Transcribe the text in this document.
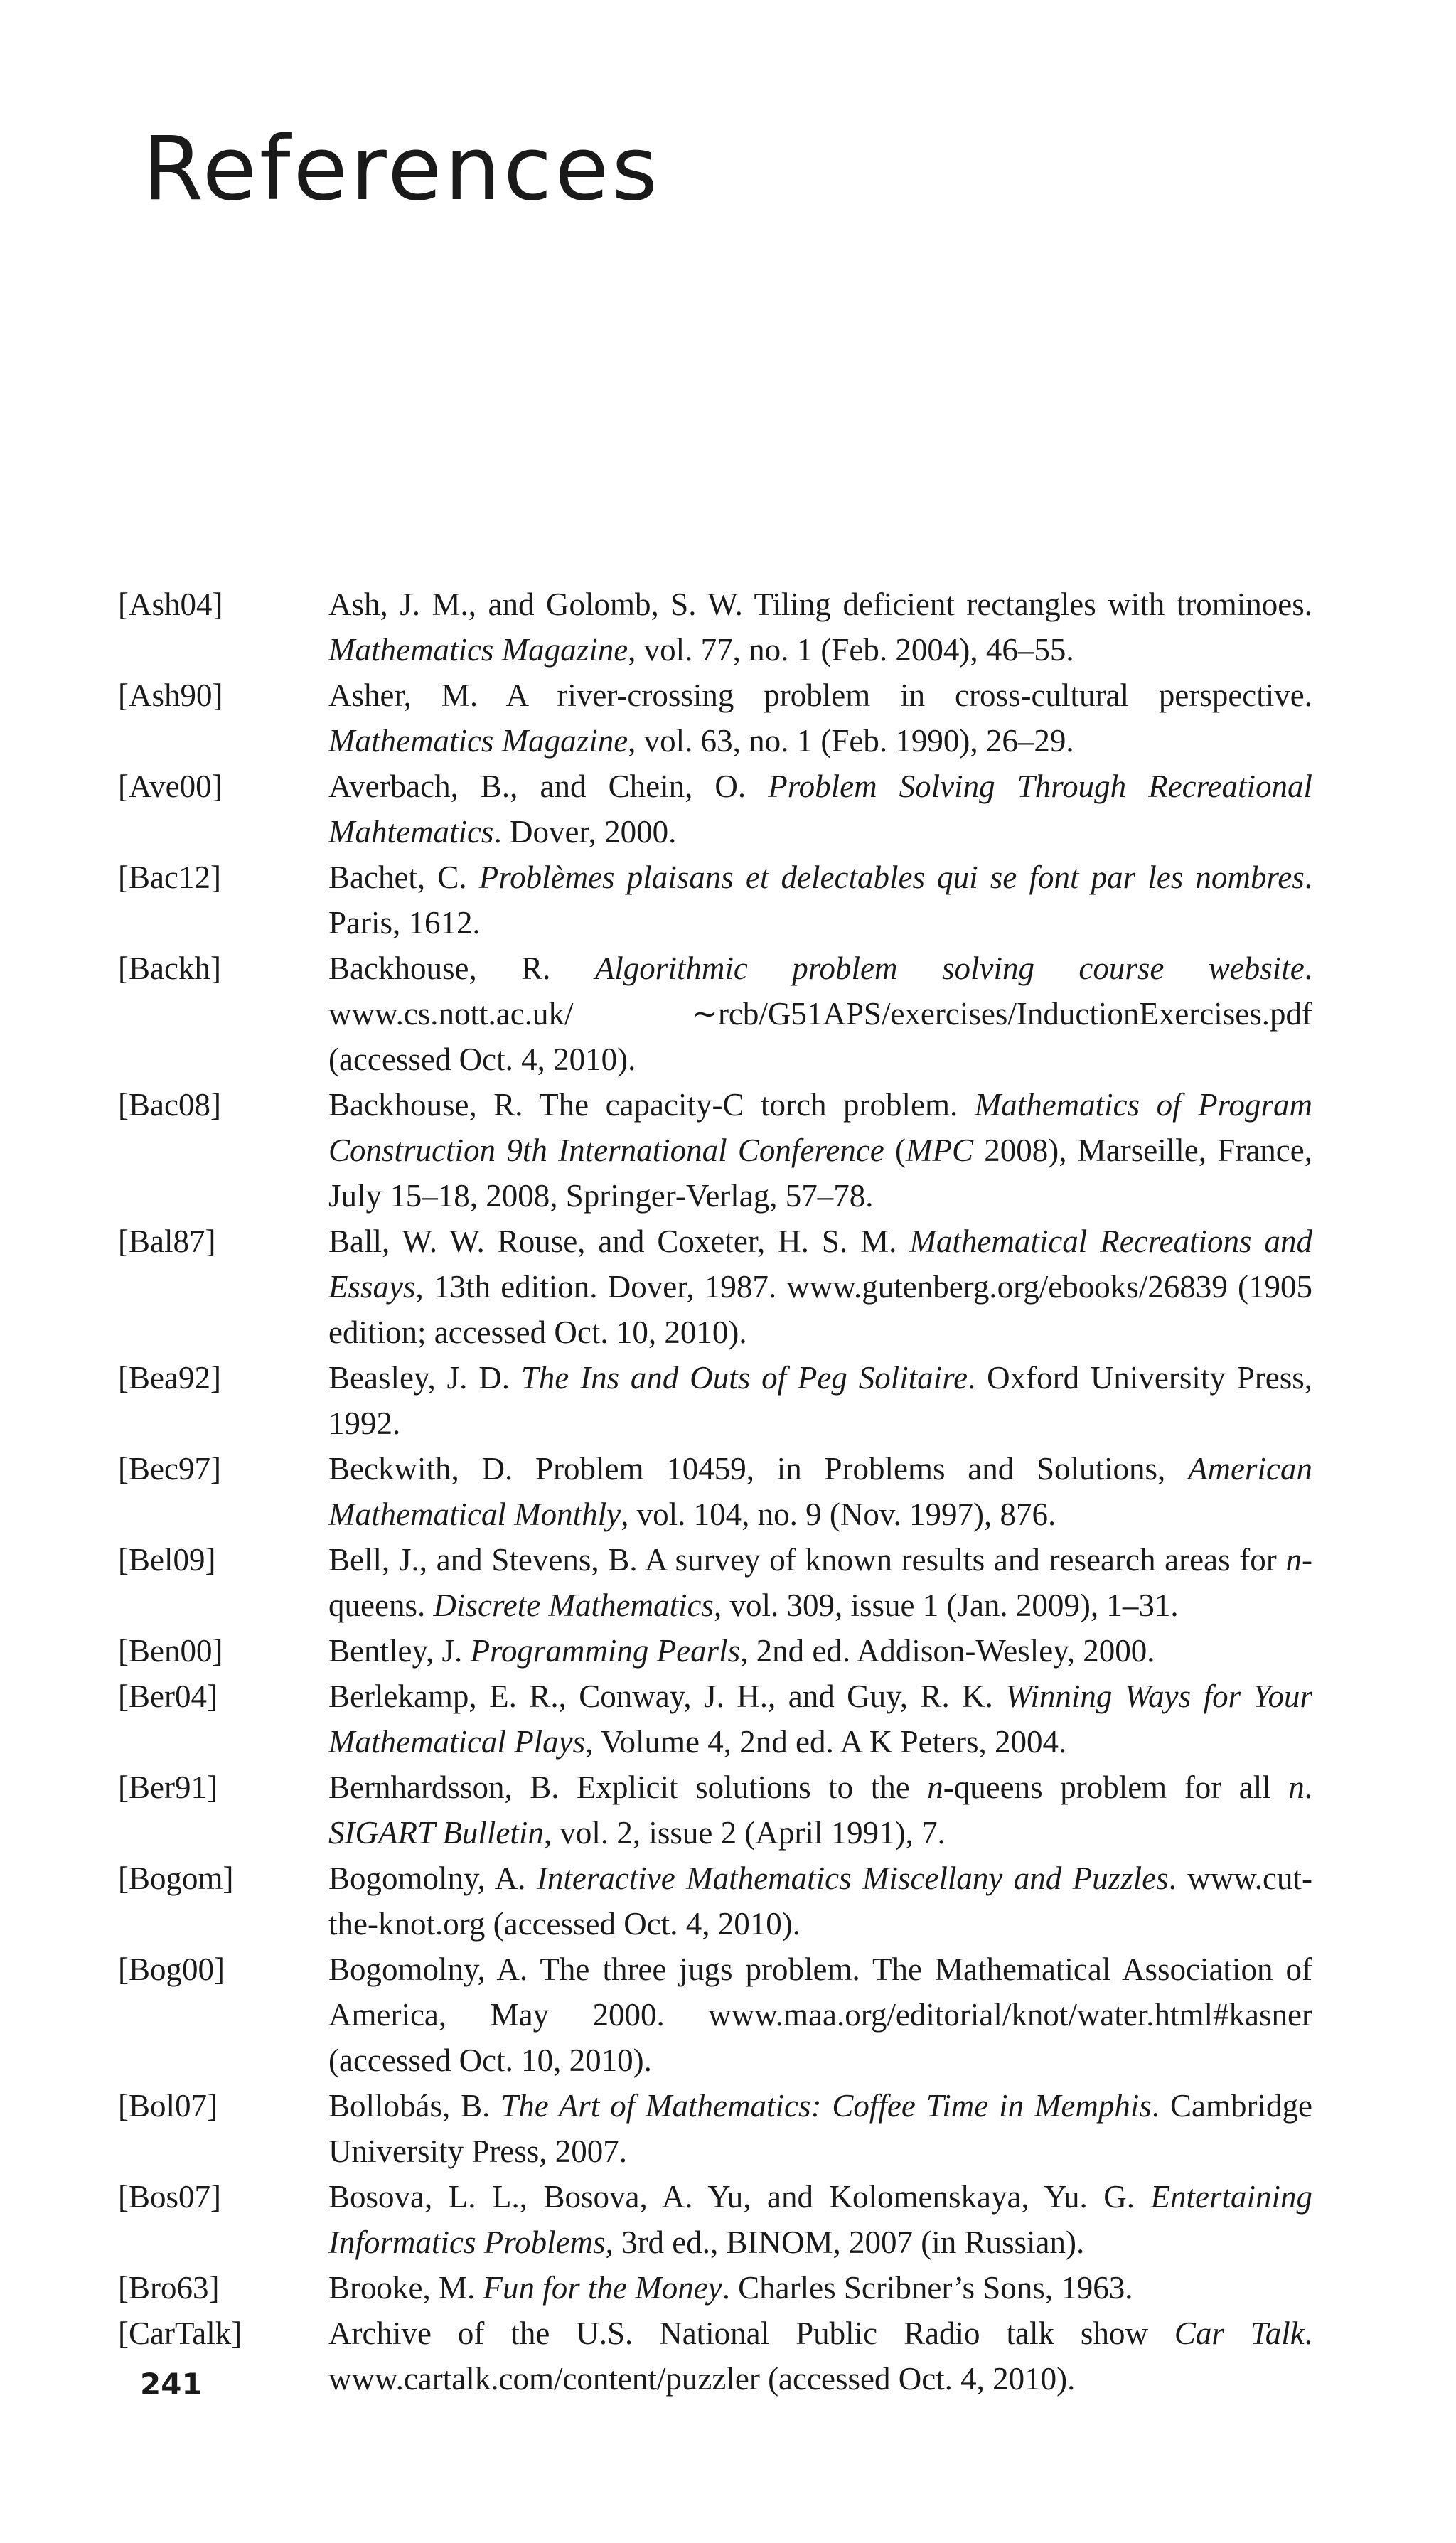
References
[Ash04]	Ash, J. M., and Golomb, S. W. Tiling deficient rectangles with trominoes. Mathematics Magazine, vol. 77, no. 1 (Feb. 2004), 46–55.
[Ash90]	Asher, M. A river-crossing problem in cross-cultural perspective. Mathematics Magazine, vol. 63, no. 1 (Feb. 1990), 26–29.
[Ave00]	Averbach, B., and Chein, O. Problem Solving Through Recreational Mahtematics. Dover, 2000.
[Bac12]	Bachet, C. Problèmes plaisans et delectables qui se font par les nombres. Paris, 1612.
[Backh]	Backhouse, R. Algorithmic problem solving course website. www.cs.nott.ac.uk/ ∼rcb/G51APS/exercises/InductionExercises.pdf (accessed Oct. 4, 2010).
[Bac08]	Backhouse, R. The capacity-C torch problem. Mathematics of Program Construction 9th International Conference (MPC 2008), Marseille, France, July 15–18, 2008, Springer-Verlag, 57–78.
[Bal87]	Ball, W. W. Rouse, and Coxeter, H. S. M. Mathematical Recreations and Essays, 13th edition. Dover, 1987. www.gutenberg.org/ebooks/26839 (1905 edition; accessed Oct. 10, 2010).
[Bea92]	Beasley, J. D. The Ins and Outs of Peg Solitaire. Oxford University Press, 1992.
[Bec97]	Beckwith, D. Problem 10459, in Problems and Solutions, American Mathematical Monthly, vol. 104, no. 9 (Nov. 1997), 876.
[Bel09]	Bell, J., and Stevens, B. A survey of known results and research areas for n-queens. Discrete Mathematics, vol. 309, issue 1 (Jan. 2009), 1–31.
[Ben00]	Bentley, J. Programming Pearls, 2nd ed. Addison-Wesley, 2000.
[Ber04]	Berlekamp, E. R., Conway, J. H., and Guy, R. K. Winning Ways for Your Mathematical Plays, Volume 4, 2nd ed. A K Peters, 2004.
[Ber91]	Bernhardsson, B. Explicit solutions to the n-queens problem for all n. SIGART Bulletin, vol. 2, issue 2 (April 1991), 7.
[Bogom]	Bogomolny, A. Interactive Mathematics Miscellany and Puzzles. www.cut-the-knot.org (accessed Oct. 4, 2010).
[Bog00]	Bogomolny, A. The three jugs problem. The Mathematical Association of America, May 2000. www.maa.org/editorial/knot/water.html#kasner (accessed Oct. 10, 2010).
[Bol07]	Bollobás, B. The Art of Mathematics: Coffee Time in Memphis. Cambridge University Press, 2007.
[Bos07]	Bosova, L. L., Bosova, A. Yu, and Kolomenskaya, Yu. G. Entertaining Informatics Problems, 3rd ed., BINOM, 2007 (in Russian).
[Bro63]	Brooke, M. Fun for the Money. Charles Scribner’s Sons, 1963.
[CarTalk]	Archive of the U.S. National Public Radio talk show Car Talk. www.cartalk.com/content/puzzler (accessed Oct. 4, 2010).
241
